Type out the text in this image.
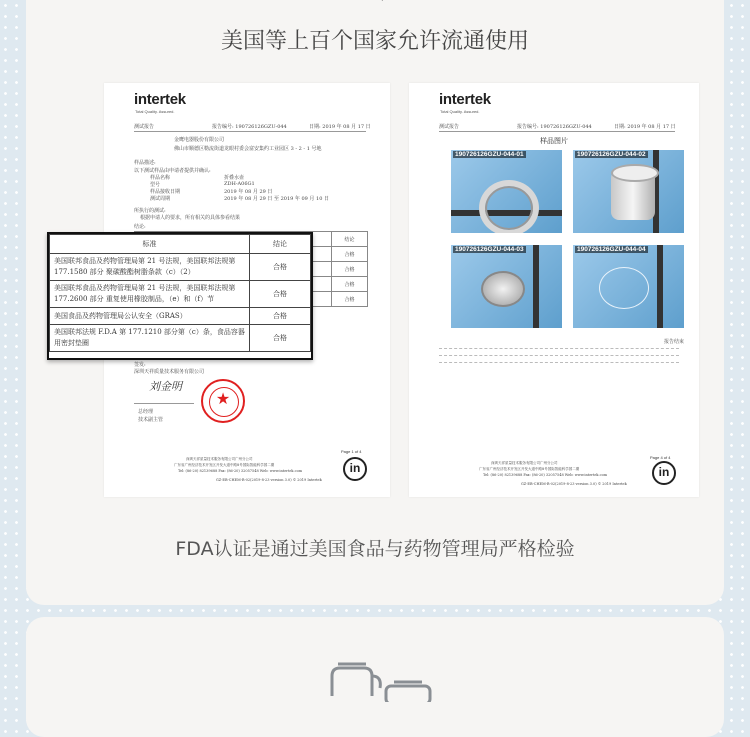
美国等上百个国家允许流通使用
FDA认证是通过美国食品与药物管理局严格检验
intertek
Total Quality. Assured.
测试报告	报告编号: 190726126GZU-044	日期: 2019 年 08 月 17 日
金鹰电器股份有限公司
佛山市顺德区勒流街道龙眼村委会富安集约工业园区 3 - 2 - 1 号地
样品描述:
以下测试样品由申请者提供并确认:
样品名称	折叠水壶
型号	ZDH-A06G1
样品接收日期	2019 年 08 月 29 日
测试周期	2019 年 08 月 29 日 至 2019 年 09 月 10 日
所执行的测试:
根据申请人的要求，所有相关的具体参看结果
结论:
	结论
	合格
	合格
	合格
	合格
签发:
深圳天祥质量技术服务有限公司
刘金明
总经理
技术副主管
★
Page 1 of 4
in
深圳天祥质量技术服务有限公司广州分公司
广东省广州经济技术开发区开发大道中路8号国际智能科学园二期
Tel: (86-20) 82139688 Fax: (86-20) 32057548 Web: www.intertek.com
GZ-EB-CHEM-R-02(2019-8-23 version 3.0) © 2019 Intertek
标准	结论
美国联邦食品及药物管理局第 21 号法规，美国联邦法规第 177.1580 部分 聚碳酸酯树脂条款（c）（2）	合格
美国联邦食品及药物管理局第 21 号法规，美国联邦法规第 177.2600 部分 重复使用橡胶制品，（e）和（f）节	合格
美国食品及药物管理局公认安全（GRAS）	合格
美国联邦法规 F.D.A 第 177.1210 部分第（c）条，食品容器用密封垫圈	合格
intertek
Total Quality. Assured.
测试报告	报告编号: 190726126GZU-044	日期: 2019 年 08 月 17 日
样品图片
190726126GZU-044-01	190726126GZU-044-02
190726126GZU-044-03	190726126GZU-044-04
报告结束
Page 4 of 4
in
深圳天祥质量技术服务有限公司广州分公司
广东省广州经济技术开发区开发大道中路8号国际智能科学园二期
Tel: (86-20) 82139688 Fax: (86-20) 32057548 Web: www.intertek.com
GZ-EB-CHEM-R-02(2019-8-23 version 3.0) © 2019 Intertek
